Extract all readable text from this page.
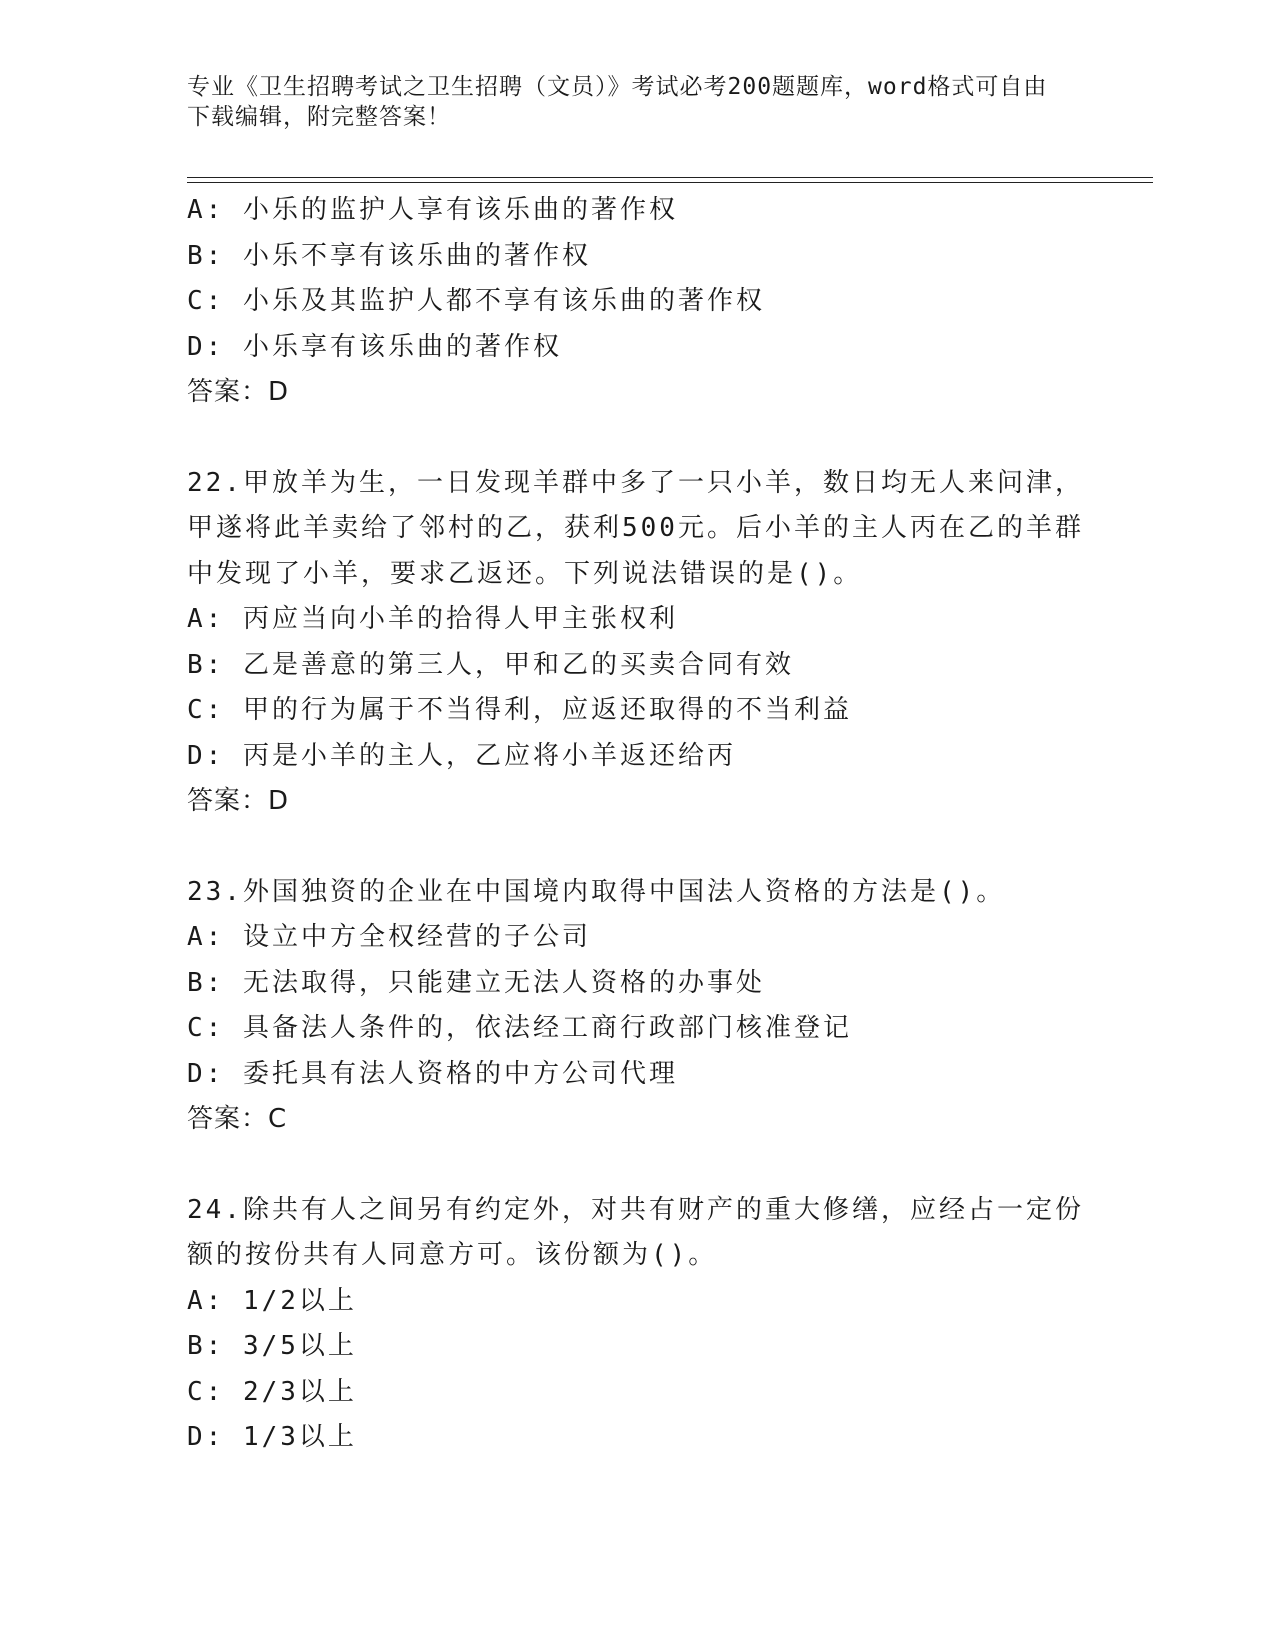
专业《卫生招聘考试之卫生招聘（文员）》考试必考200题题库，word格式可自由下载编辑，附完整答案！
A: 小乐的监护人享有该乐曲的著作权
B: 小乐不享有该乐曲的著作权
C: 小乐及其监护人都不享有该乐曲的著作权
D: 小乐享有该乐曲的著作权
答案：D
22.甲放羊为生，一日发现羊群中多了一只小羊，数日均无人来问津，甲遂将此羊卖给了邻村的乙，获利500元。后小羊的主人丙在乙的羊群中发现了小羊，要求乙返还。下列说法错误的是()。
A: 丙应当向小羊的拾得人甲主张权利
B: 乙是善意的第三人，甲和乙的买卖合同有效
C: 甲的行为属于不当得利，应返还取得的不当利益
D: 丙是小羊的主人，乙应将小羊返还给丙
答案：D
23.外国独资的企业在中国境内取得中国法人资格的方法是()。
A: 设立中方全权经营的子公司
B: 无法取得，只能建立无法人资格的办事处
C: 具备法人条件的，依法经工商行政部门核准登记
D: 委托具有法人资格的中方公司代理
答案：C
24.除共有人之间另有约定外，对共有财产的重大修缮，应经占一定份额的按份共有人同意方可。该份额为()。
A: 1/2以上
B: 3/5以上
C: 2/3以上
D: 1/3以上
